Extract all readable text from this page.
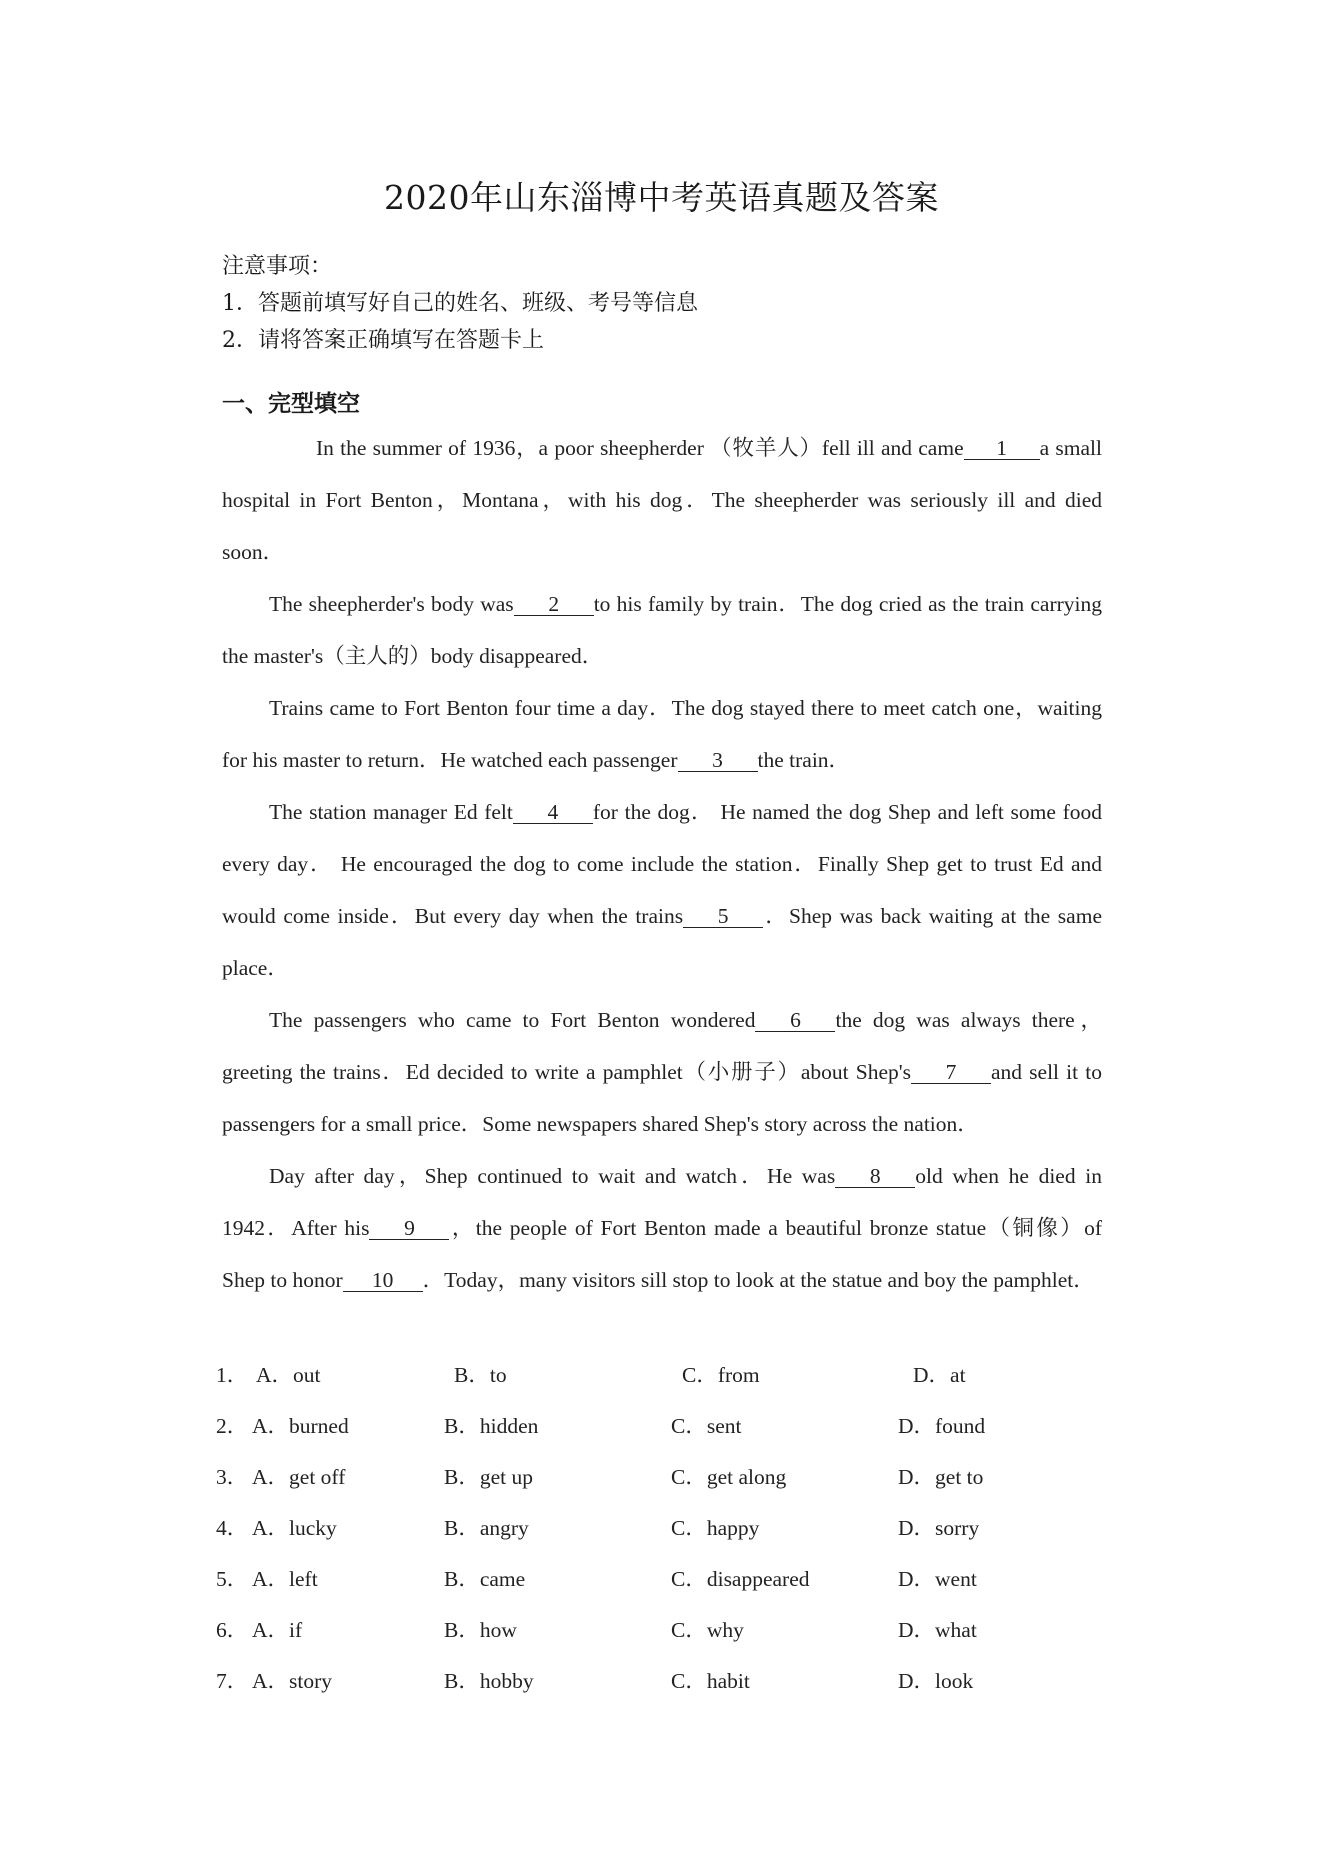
2020年山东淄博中考英语真题及答案
注意事项：
1．答题前填写好自己的姓名、班级、考号等信息
2．请将答案正确填写在答题卡上
一、完型填空

In the summer of 1936，a poor sheepherder （牧羊人）fell ill and came 1 a small hospital in Fort Benton，Montana，with his dog．The sheepherder was seriously ill and died soon．

The sheepherder's body was 2 to his family by train．The dog cried as the train carrying the master's（主人的）body disappeared．

Trains came to Fort Benton four time a day．The dog stayed there to meet catch one，waiting for his master to return．He watched each passenger 3 the train．

The station manager Ed felt 4 for the dog． He named the dog Shep and left some food every day． He encouraged the dog to come include the station．Finally Shep get to trust Ed and would come inside．But every day when the trains 5 ．Shep was back waiting at the same place．

The passengers who came to Fort Benton wondered 6 the dog was always there，greeting the trains．Ed decided to write a pamphlet（小册子）about Shep's 7 and sell it to passengers for a small price．Some newspapers shared Shep's story across the nation．

Day after day，Shep continued to wait and watch．He was 8 old when he died in 1942．After his 9 ，the people of Fort Benton made a beautiful bronze statue（铜像）of Shep to honor 10 ．Today，many visitors sill stop to look at the statue and boy the pamphlet．

1． A．out	B．to	C．from	D．at
2． A．burned	B．hidden	C．sent	D．found
3． A．get off	B．get up	C．get along	D．get to
4． A．lucky	B．angry	C．happy	D．sorry
5． A．left	B．came	C．disappeared	D．went
6． A．if	B．how	C．why	D．what
7． A．story	B．hobby	C．habit	D．look
